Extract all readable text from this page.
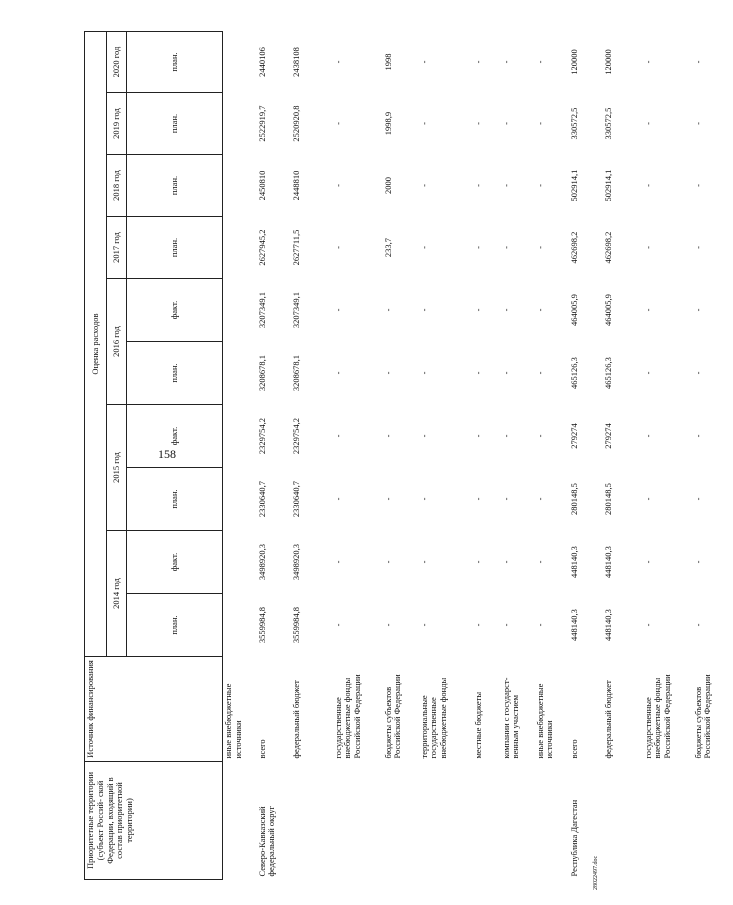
158
28022497.doc
Приоритетные территории (субъект Россий- ской Федерации, входящий в состав приоритетной территории)	Источник финансирования	Оценка расходов									
		2014 год		2015 год		2016 год		2017 год	2018 год	2019 год	2020 год
		план.	факт.	план.	факт.	план.	факт.	план.	план.	план.	план.
	иные внебюджетные источники										
Северо-Кавказский федеральный округ	всего	3559984,8	3498920,3	2330640,7	2329754,2	3208678,1	3207349,1	2627945,2	2450810	2522919,7	2440106
	федеральный бюджет	3559984,8	3498920,3	2330640,7	2329754,2	3208678,1	3207349,1	2627711,5	2448810	2520920,8	2438108
	государственные внебюджетные фонды Российской Федерации	-	-	-	-	-	-	-	-	-	-
	бюджеты субъектов Российской Федерации	-	-	-	-	-	-	233,7	2000	1998,9	1998
	территориальные государственные внебюджетные фонды	-	-	-	-	-	-	-	-	-	-
	местные бюджеты	-	-	-	-	-	-	-	-	-	-
	компании с государст- венным участием	-	-	-	-	-	-	-	-	-	-
	иные внебюджетные источники	-	-	-	-	-	-	-	-	-	-
Республика Дагестан	всего	448140,3	448140,3	280148,5	279274	465126,3	464005,9	462698,2	502914,1	330572,5	120000
	федеральный бюджет	448140,3	448140,3	280148,5	279274	465126,3	464005,9	462698,2	502914,1	330572,5	120000
	государственные внебюджетные фонды Российской Федерации	-	-	-	-	-	-	-	-	-	-
	бюджеты субъектов Российской Федерации	-	-	-	-	-	-	-	-	-	-
